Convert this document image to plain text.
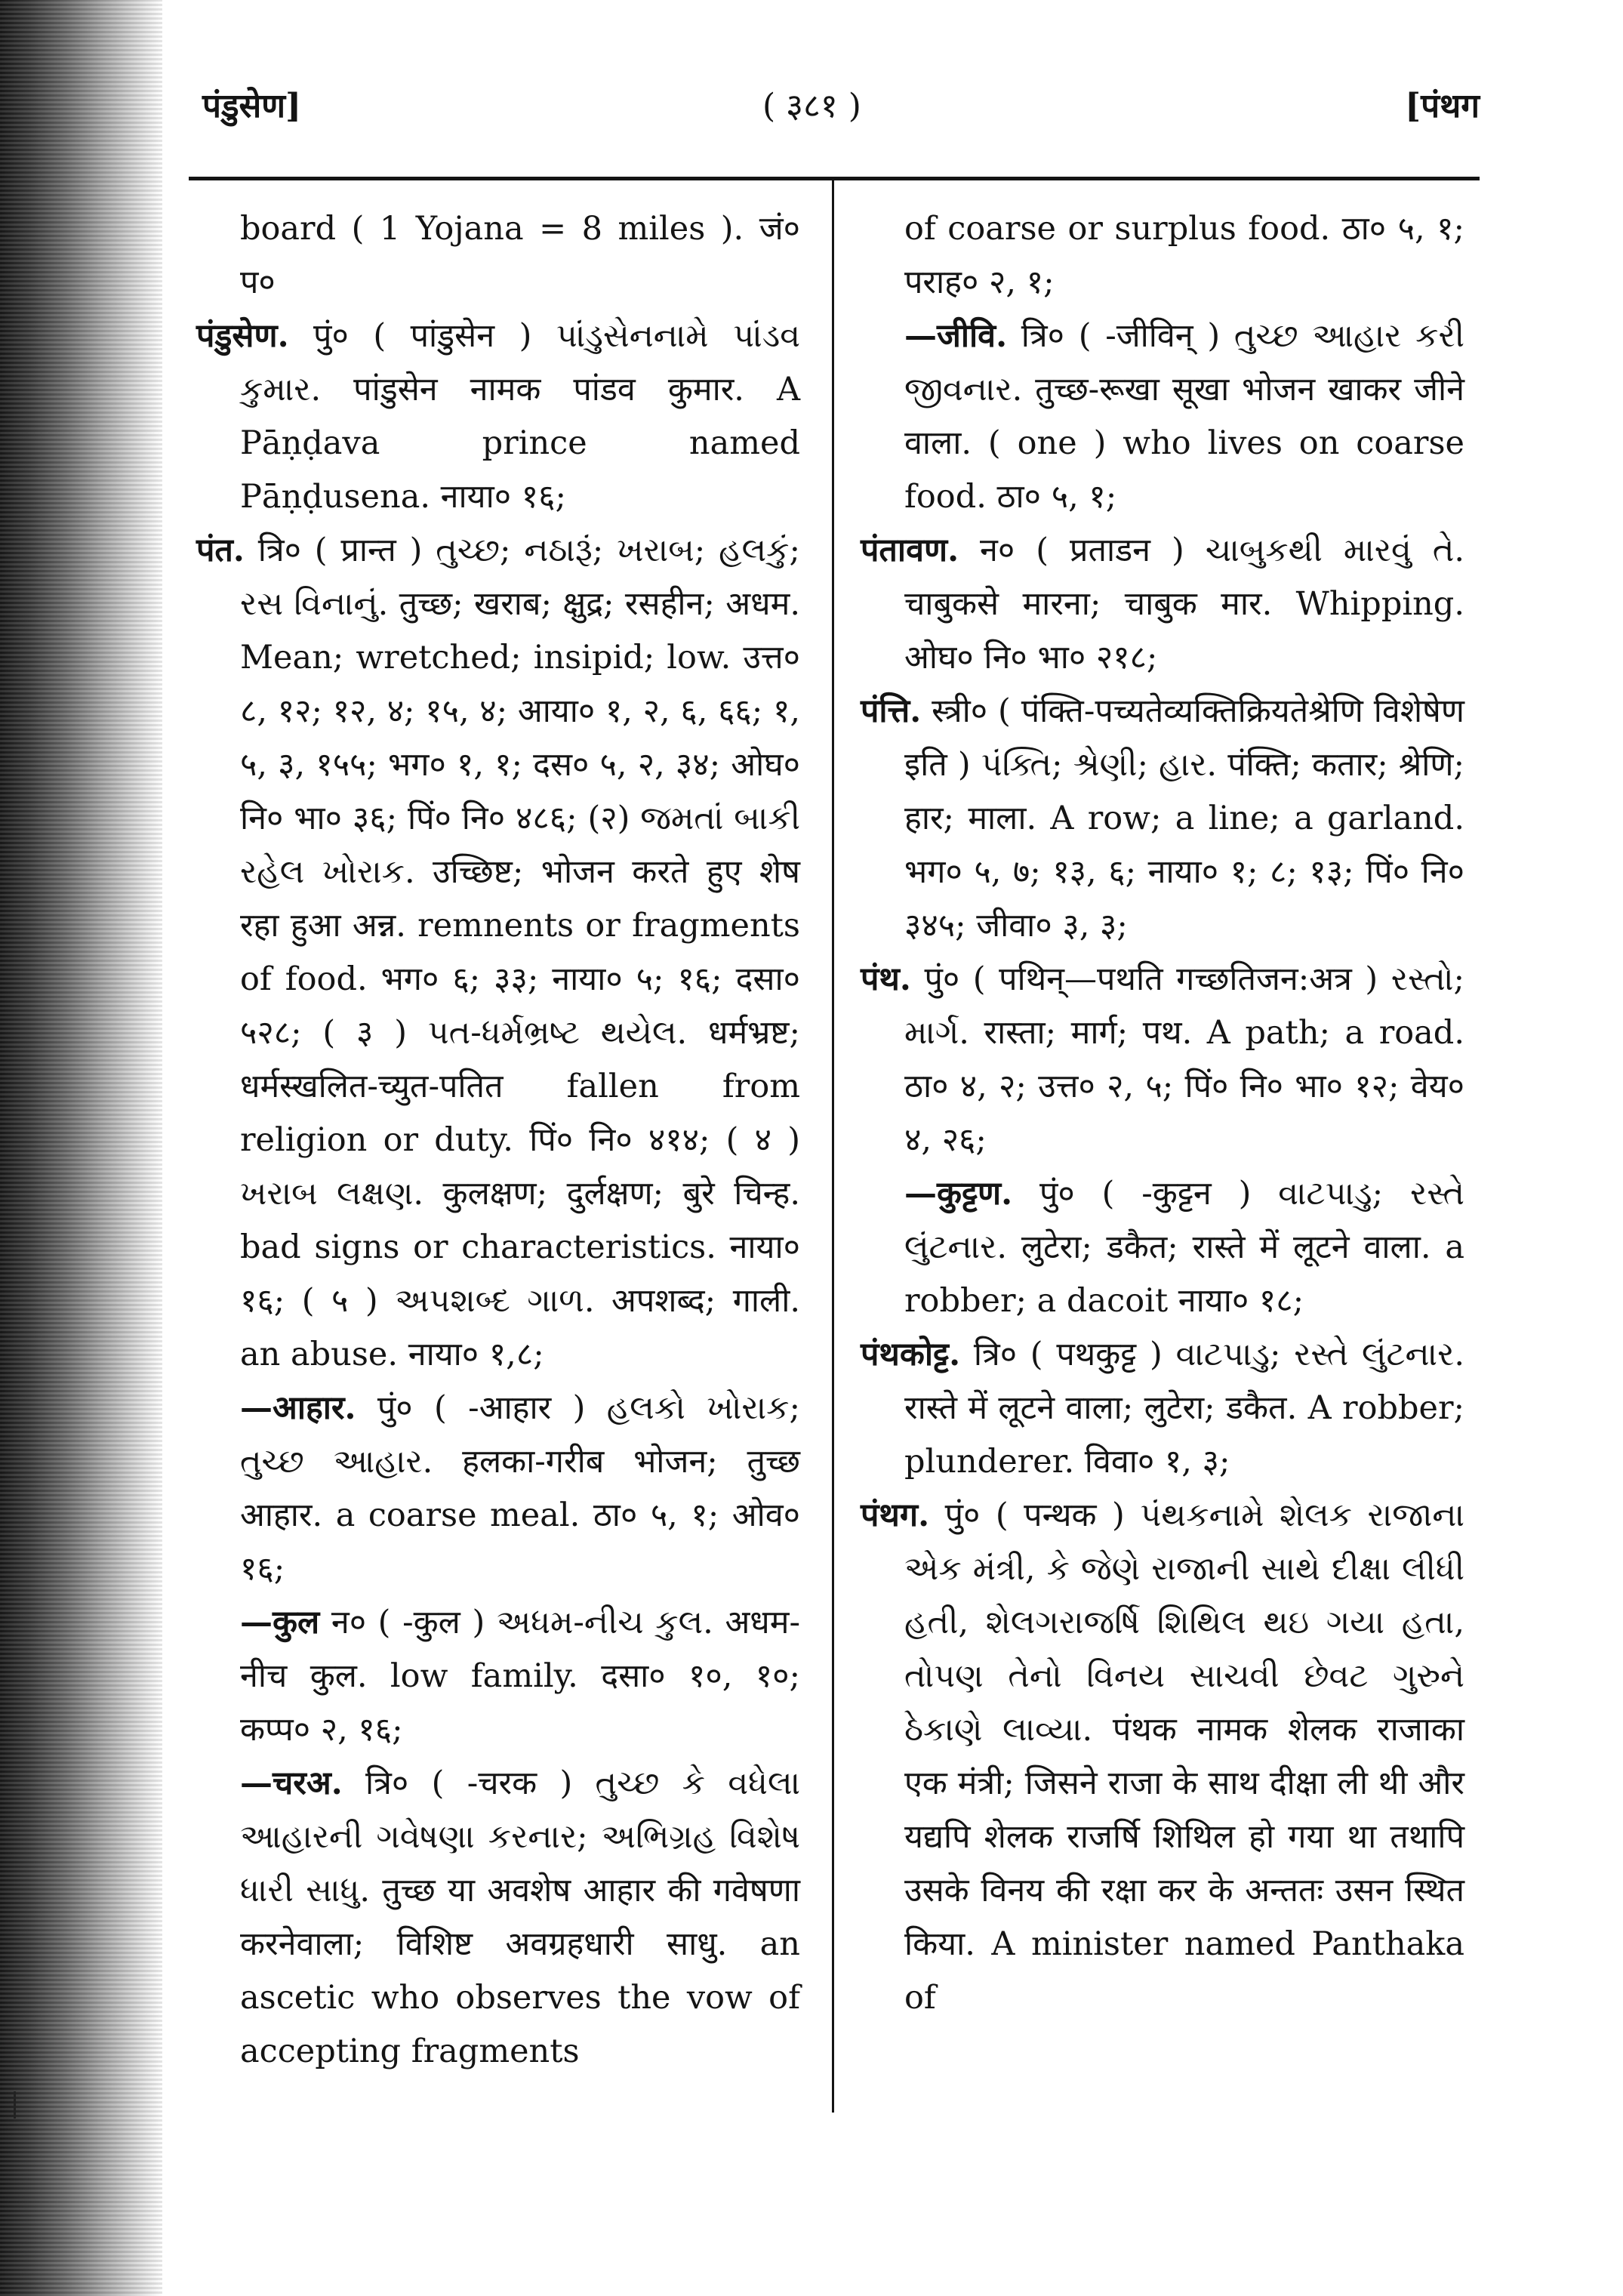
पंडुसेण]	( ३८१ )	[पंथग

board ( 1 Yojana = 8 miles ). जं० प०

पंडुसेण. पुं० ( पांडुसेन ) પાંડુસેનનામે પાંડવ કુમાર. पांडुसेन नामक पांडव कुमार. A Pāṇḍava prince named Pāṇḍusena. नाया० १६;

पंत. त्रि० ( प्रान्त ) તુચ્છ; નઠારૂં; ખરાબ; હલકું; રસ વિનાનું. तुच्छ; खराब; क्षुद्र; रसहीन; अधम. Mean; wretched; insipid; low. उत्त० ८, १२; १२, ४; १५, ४; आया० १, २, ६, ६६; १, ५, ३, १५५; भग० १, १; दस० ५, २, ३४; ओघ० नि० भा० ३६; पिं० नि० ४८६; (२) જમતાં બાકી રહેલ ખોરાક. उच्छिष्ट; भोजन करते हुए शेष रहा हुआ अन्न. remnents or fragments of food. भग० ६; ३३; नाया० ५; १६; दसा० ५२८; ( ३ ) પત-ધર્મભ્રષ્ટ થયેલ. धर्मभ्रष्ट; धर्मस्खलित-च्युत-पतित fallen from religion or duty. पिं० नि० ४१४; ( ४ ) ખરાબ લક્ષણ. कुलक्षण; दुर्लक्षण; बुरे चिन्ह. bad signs or characteristics. नाया० १६; ( ५ ) અપશબ્દ ગાળ. अपशब्द; गाली. an abuse. नाया० १,८;

—आहार. पुं० ( -आहार ) હલકો ખોરાક; તુચ્છ આહાર. हलका-गरीब भोजन; तुच्छ आहार. a coarse meal. ठा० ५, १; ओव० १६;

—कुल न० ( -कुल ) અધમ-નીચ કુલ. अधम-नीच कुल. low family. दसा० १०, १०; कप्प० २, १६;

—चरअ. त्रि० ( -चरक ) તુચ્છ કે વધેલા આહારની ગવેષણા કરનાર; અભિગ્રહ વિશેષ ધારી સાધુ. तुच्छ या अवशेष आहार की गवेषणा करनेवाला; विशिष्ट अवग्रहधारी साधु. an ascetic who observes the vow of accepting fragments

of coarse or surplus food. ठा० ५, १; पराह० २, १;

—जीवि. त्रि० ( -जीविन् ) તુચ્છ આહાર કરી જીવનાર. तुच्छ-रूखा सूखा भोजन खाकर जीने वाला. ( one ) who lives on coarse food. ठा० ५, १;

पंतावण. न० ( प्रताडन ) ચાબુકથી મારવું તે. चाबुकसे मारना; चाबुक मार. Whipping. ओघ० नि० भा० २१८;

पंत्ति. स्त्री० ( पंक्ति-पच्यतेव्यक्तिक्रियतेश्रेणि विशेषेण इति ) પંક્તિ; શ્રેણી; હાર. पंक्ति; कतार; श्रेणि; हार; माला. A row; a line; a garland. भग० ५, ७; १३, ६; नाया० १; ८; १३; पिं० नि० ३४५; जीवा० ३, ३;

पंथ. पुं० ( पथिन्—पथति गच्छतिजन:अत्र ) રસ્તો; માર્ગ. रास्ता; मार्ग; पथ. A path; a road. ठा० ४, २; उत्त० २, ५; पिं० नि० भा० १२; वेय० ४, २६;

—कुट्टण. पुं० ( -कुट्टन ) વાટપાડુ; રસ્તે લુંટનાર. लुटेरा; डकैत; रास्ते में लूटने वाला. a robber; a dacoit नाया० १८;

पंथकोट्ट. त्रि० ( पथकुट्ट ) વાટપાડુ; રસ્તે લુંટનાર. रास्ते में लूटने वाला; लुटेरा; डकैत. A robber; plunderer. विवा० १, ३;

पंथग. पुं० ( पन्थक ) પંથકનામે શેલક રાજાના એક મંત્રી, કે જેણે રાજાની સાથે દીક્ષા લીધી હતી, શેલગરાજર્ષિ શિથિલ થઇ ગયા હતા, તોપણ તેનો વિનય સાચવી છેવટ ગુરુને ઠેકાણે લાવ્યા. पंथक नामक शेलक राजाका एक मंत्री; जिसने राजा के साथ दीक्षा ली थी और यद्यपि शेलक राजर्षि शिथिल हो गया था तथापि उसके विनय की रक्षा कर के अन्ततः उसन स्थित किया. A minister named Panthaka of
